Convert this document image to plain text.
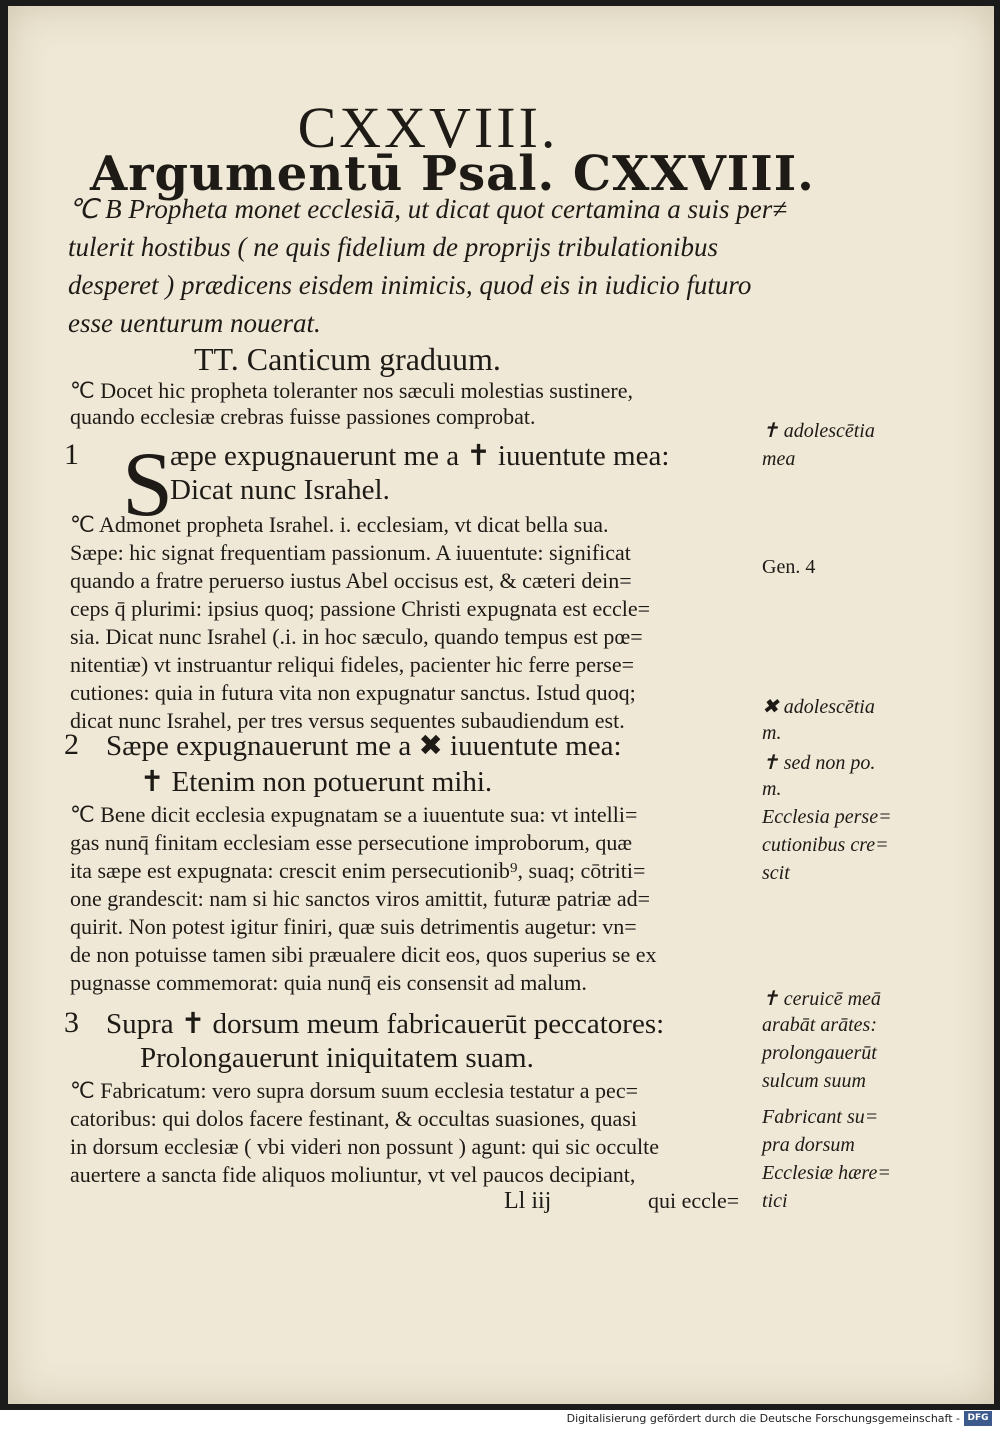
CXXVIII.
Argumentū Psal. CXXVIII.
℃ B Propheta monet ecclesiā, ut dicat quot certamina a suis per≠
tulerit hostibus ( ne quis fidelium de proprijs tribulationibus
desperet ) prædicens eisdem inimicis, quod eis in iudicio futuro
esse uenturum nouerat.
TT. Canticum graduum.
℃ Docet hic propheta toleranter nos sæculi molestias sustinere,
quando ecclesiæ crebras fuisse passiones comprobat.
1 S
æpe expugnauerunt me a ✝ iuuentute mea:
Dicat nunc Israhel.
℃ Admonet propheta Israhel. i. ecclesiam, vt dicat bella sua.
Sæpe: hic signat frequentiam passionum. A iuuentute: significat
quando a fratre peruerso iustus Abel occisus est, & cæteri dein=
ceps q̄ plurimi: ipsius quoq; passione Christi expugnata est eccle=
sia. Dicat nunc Israhel (.i. in hoc sæculo, quando tempus est pœ=
nitentiæ) vt instruantur reliqui fideles, pacienter hic ferre perse=
cutiones: quia in futura vita non expugnatur sanctus. Istud quoq;
dicat nunc Israhel, per tres versus sequentes subaudiendum est.
2 Sæpe expugnauerunt me a ✖ iuuentute mea:
✝ Etenim non potuerunt mihi.
℃ Bene dicit ecclesia expugnatam se a iuuentute sua: vt intelli=
gas nunq̄ finitam ecclesiam esse persecutione improborum, quæ
ita sæpe est expugnata: crescit enim persecutionib⁹, suaq; cōtriti=
one grandescit: nam si hic sanctos viros amittit, futuræ patriæ ad=
quirit. Non potest igitur finiri, quæ suis detrimentis augetur: vn=
de non potuisse tamen sibi præualere dicit eos, quos superius se ex
pugnasse commemorat: quia nunq̄ eis consensit ad malum.
3 Supra ✝ dorsum meum fabricauerūt peccatores:
Prolongauerunt iniquitatem suam.
℃ Fabricatum: vero supra dorsum suum ecclesia testatur a pec=
catoribus: qui dolos facere festinant, & occultas suasiones, quasi
in dorsum ecclesiæ ( vbi videri non possunt ) agunt: qui sic occulte
auertere a sancta fide aliquos moliuntur, vt vel paucos decipiant,
Ll iij	qui eccle=
✝ adolescētia
mea
Gen. 4
✖ adolescētia
m.
✝ sed non po.
m.
Ecclesia perse=
cutionibus cre=
scit
✝ ceruicē meā
arabāt arātes:
prolongauerūt
sulcum suum
Fabricant su=
pra dorsum
Ecclesiæ hære=
tici
Digitalisierung gefördert durch die Deutsche Forschungsgemeinschaft - DFG
